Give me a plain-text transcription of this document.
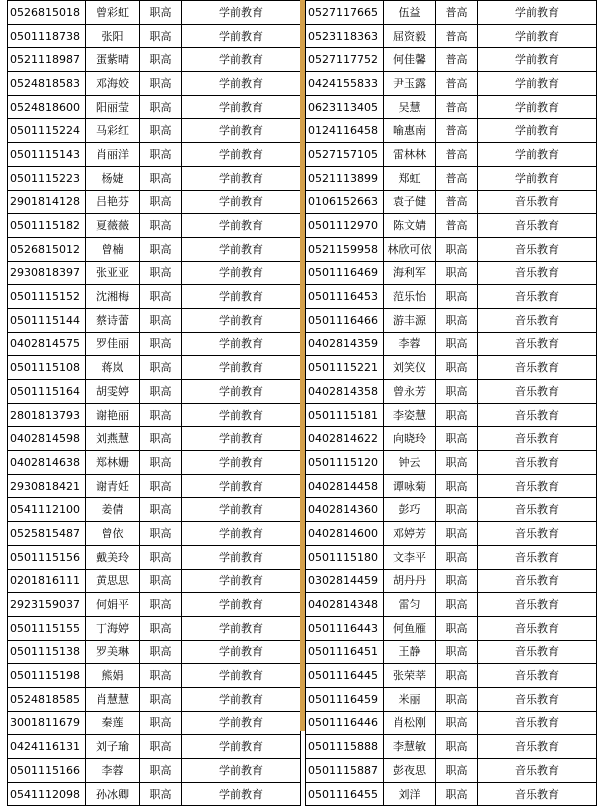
0526815018	曾彩虹	职高	学前教育
0501118738	张阳	职高	学前教育
0521118987	蛋紫晴	职高	学前教育
0524818583	邓海姣	职高	学前教育
0524818600	阳丽莹	职高	学前教育
0501115224	马彩红	职高	学前教育
0501115143	肖丽洋	职高	学前教育
0501115223	杨婕	职高	学前教育
2901814128	吕艳芬	职高	学前教育
0501115182	夏薇薇	职高	学前教育
0526815012	曾楠	职高	学前教育
2930818397	张亚亚	职高	学前教育
0501115152	沈湘梅	职高	学前教育
0501115144	蔡诗蕾	职高	学前教育
0402814575	罗佳丽	职高	学前教育
0501115108	蒋岚	职高	学前教育
0501115164	胡雯婷	职高	学前教育
2801813793	谢艳丽	职高	学前教育
0402814598	刘燕慧	职高	学前教育
0402814638	郑林姗	职高	学前教育
2930818421	谢青妊	职高	学前教育
0541112100	姜倩	职高	学前教育
0525815487	曾依	职高	学前教育
0501115156	戴美玲	职高	学前教育
0201816111	黄思思	职高	学前教育
2923159037	何娟平	职高	学前教育
0501115155	丁海婷	职高	学前教育
0501115138	罗美琳	职高	学前教育
0501115198	熊娟	职高	学前教育
0524818585	肖慧慧	职高	学前教育
3001811679	秦莲	职高	学前教育
0424116131	刘子瑜	职高	学前教育
0501115166	李蓉	职高	学前教育
0541112098	孙冰卿	职高	学前教育
0527117665	伍益	普高	学前教育
0523118363	屈资毅	普高	学前教育
0527117752	何佳馨	普高	学前教育
0424155833	尹玉露	普高	学前教育
0623113405	吴慧	普高	学前教育
0124116458	喻惠南	普高	学前教育
0527157105	雷林林	普高	学前教育
0521113899	郑虹	普高	学前教育
0106152663	袁子健	普高	音乐教育
0501112970	陈文婧	普高	音乐教育
0521159958	林欣可依	职高	音乐教育
0501116469	海利军	职高	音乐教育
0501116453	范乐怡	职高	音乐教育
0501116466	游丰源	职高	音乐教育
0402814359	李蓉	职高	音乐教育
0501115221	刘笑仪	职高	音乐教育
0402814358	曾永芳	职高	音乐教育
0501115181	李姿慧	职高	音乐教育
0402814622	向晓玲	职高	音乐教育
0501115120	钟云	职高	音乐教育
0402814458	谭咏菊	职高	音乐教育
0402814360	彭巧	职高	音乐教育
0402814600	邓婷芳	职高	音乐教育
0501115180	文李平	职高	音乐教育
0302814459	胡丹丹	职高	音乐教育
0402814348	雷匀	职高	音乐教育
0501116443	何鱼雁	职高	音乐教育
0501116451	王静	职高	音乐教育
0501116445	张荣莘	职高	音乐教育
0501116459	米丽	职高	音乐教育
0501116446	肖松刚	职高	音乐教育
0501115888	李慧敏	职高	音乐教育
0501115887	彭夜思	职高	音乐教育
0501116455	刘洋	职高	音乐教育
